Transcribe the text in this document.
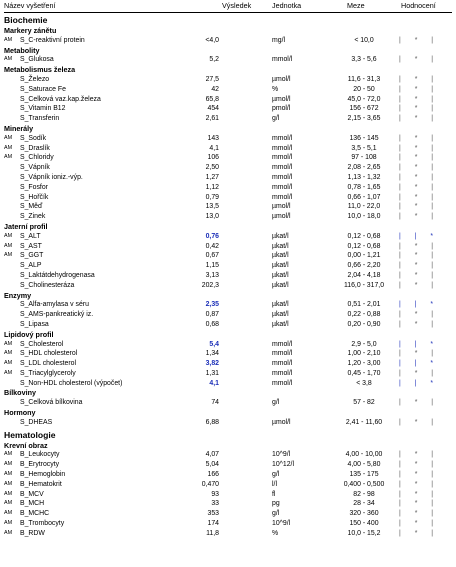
Název vyšetření	Výsledek	Jednotka	Meze	Hodnocení
Biochemie
Markery zánětu
AM	S_C-reaktivní protein	<4,0	mg/l	< 10,0	| * |
Metabolity
AM	S_Glukosa	5,2	mmol/l	3,3 - 5,6	| * |
Metabolismus železa
S_Železo	27,5	µmol/l	11,6 - 31,3	| * |
S_Saturace Fe	42	%	20 - 50	| * |
S_Celková vaz.kap.železa	65,8	µmol/l	45,0 - 72,0	| * |
S_Vitamin B12	454	pmol/l	156 - 672	| * |
S_Transferin	2,61	g/l	2,15 - 3,65	| * |
Minerály
AM	S_Sodík	143	mmol/l	136 - 145	| * |
AM	S_Draslík	4,1	mmol/l	3,5 - 5,1	| * |
AM	S_Chloridy	106	mmol/l	97 - 108	| * |
S_Vápník	2,50	mmol/l	2,08 - 2,65	| * |
S_Vápník ioniz.-výp.	1,27	mmol/l	1,13 - 1,32	| * |
S_Fosfor	1,12	mmol/l	0,78 - 1,65	| * |
S_Hořčík	0,79	mmol/l	0,66 - 1,07	| * |
S_Měď	13,5	µmol/l	11,0 - 22,0	| * |
S_Zinek	13,0	µmol/l	10,0 - 18,0	| * |
Jaterní profil
AM	S_ALT	0,76	µkat/l	0,12 - 0,68	| | *
AM	S_AST	0,42	µkat/l	0,12 - 0,68	| * |
AM	S_GGT	0,67	µkat/l	0,00 - 1,21	| * |
S_ALP	1,15	µkat/l	0,66 - 2,20	| * |
S_Laktátdehydrogenasa	3,13	µkat/l	2,04 - 4,18	| * |
S_Cholinesteráza	202,3	µkat/l	116,0 - 317,0 | * |
Enzymy
S_Alfa-amylasa v séru	2,35	µkat/l	0,51 - 2,01	| | *
S_AMS-pankreatický iz.	0,87	µkat/l	0,22 - 0,88	| * |
S_Lipasa	0,68	µkat/l	0,20 - 0,90	| * |
Lipidový profil
AM	S_Cholesterol	5,4	mmol/l	2,9 - 5,0	| | *
AM	S_HDL cholesterol	1,34	mmol/l	1,00 - 2,10	| * |
AM	S_LDL cholesterol	3,82	mmol/l	1,20 - 3,00	| | *
AM	S_Triacylglyceroly	1,31	mmol/l	0,45 - 1,70	| * |
S_Non-HDL cholesterol (výpočet)	4,1	mmol/l	< 3,8	| | *
Bílkoviny
S_Celková bílkovina	74	g/l	57 - 82	| * |
Hormony
S_DHEAS	6,88	µmol/l	2,41 - 11,60 | * |
Hematologie
Krevní obraz
AM	B_Leukocyty	4,07	10^9/l	4,00 - 10,00 | * |
AM	B_Erytrocyty	5,04	10^12/l	4,00 - 5,80	| * |
AM	B_Hemoglobin	166	g/l	135 - 175	| * |
AM	B_Hematokrit	0,470	l/l	0,400 - 0,500 | * |
AM	B_MCV	93	fl	82 - 98	| * |
AM	B_MCH	33	pg	28 - 34	| * |
AM	B_MCHC	353	g/l	320 - 360	| * |
AM	B_Trombocyty	174	10^9/l	150 - 400	| * |
AM	B_RDW	11,8	%	10,0 - 15,2	| * |
